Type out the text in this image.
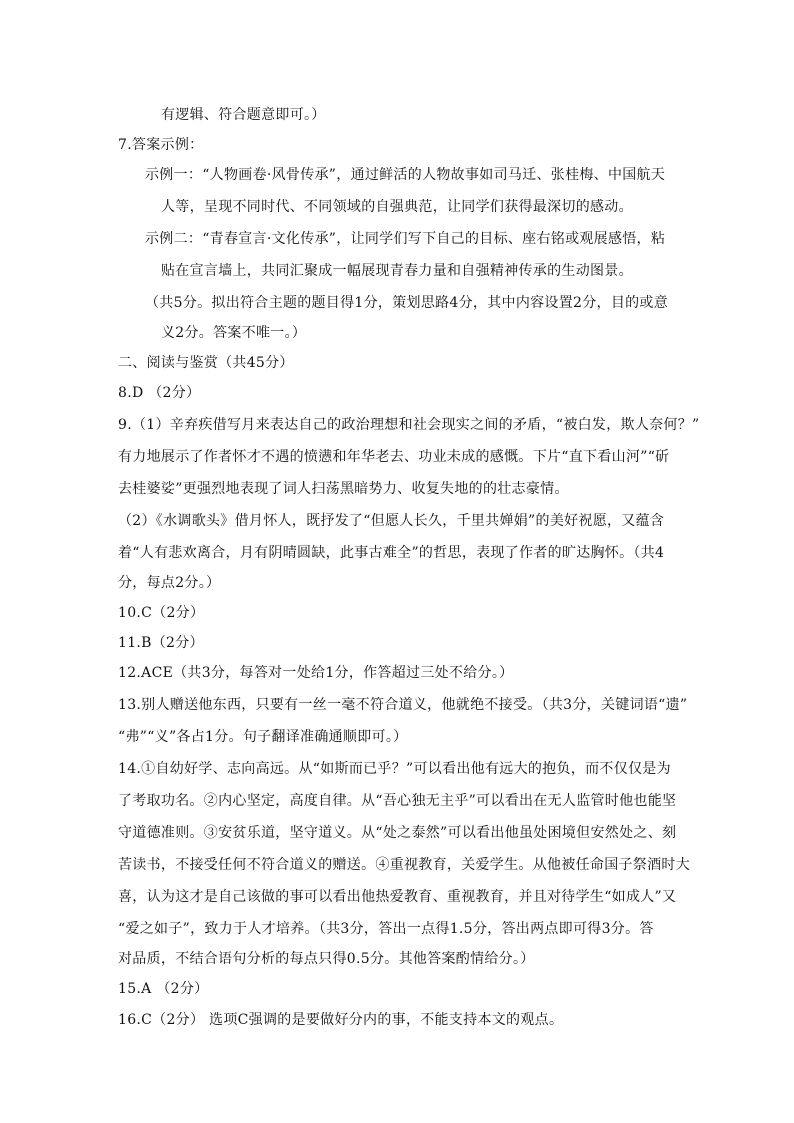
有逻辑、符合题意即可。）
7.答案示例：
示例一：“人物画卷·风骨传承”，通过鲜活的人物故事如司马迁、张桂梅、中国航天
人等，呈现不同时代、不同领域的自强典范，让同学们获得最深切的感动。
示例二：“青春宣言·文化传承”，让同学们写下自己的目标、座右铭或观展感悟，粘
贴在宣言墙上，共同汇聚成一幅展现青春力量和自强精神传承的生动图景。
（共5分。拟出符合主题的题目得1分，策划思路4分，其中内容设置2分，目的或意
义2分。答案不唯一。）
二、阅读与鉴赏（共45分）
8.D （2分）
9.（1）辛弃疾借写月来表达自己的政治理想和社会现实之间的矛盾，“被白发，欺人奈何？”
有力地展示了作者怀才不遇的愤懑和年华老去、功业未成的感慨。下片“直下看山河”“斫
去桂婆娑”更强烈地表现了词人扫荡黑暗势力、收复失地的的壮志豪情。
（2）《水调歌头》借月怀人，既抒发了“但愿人长久，千里共婵娟”的美好祝愿，又蕴含
着“人有悲欢离合，月有阴晴圆缺，此事古难全”的哲思，表现了作者的旷达胸怀。（共4
分，每点2分。）
10.C（2分）
11.B（2分）
12.ACE（共3分，每答对一处给1分，作答超过三处不给分。）
13.别人赠送他东西，只要有一丝一毫不符合道义，他就绝不接受。（共3分，关键词语“遗”
“弗”“义”各占1分。句子翻译准确通顺即可。）
14.①自幼好学、志向高远。从“如斯而已乎？”可以看出他有远大的抱负，而不仅仅是为
了考取功名。②内心坚定，高度自律。从“吾心独无主乎”可以看出在无人监管时他也能坚
守道德准则。③安贫乐道，坚守道义。从“处之泰然”可以看出他虽处困境但安然处之、刻
苦读书，不接受任何不符合道义的赠送。④重视教育，关爱学生。从他被任命国子祭酒时大
喜，认为这才是自己该做的事可以看出他热爱教育、重视教育，并且对待学生“如成人”又
“爱之如子”，致力于人才培养。（共3分，答出一点得1.5分，答出两点即可得3分。答
对品质，不结合语句分析的每点只得0.5分。其他答案酌情给分。）
15.A （2分）
16.C（2分） 选项C强调的是要做好分内的事，不能支持本文的观点。
